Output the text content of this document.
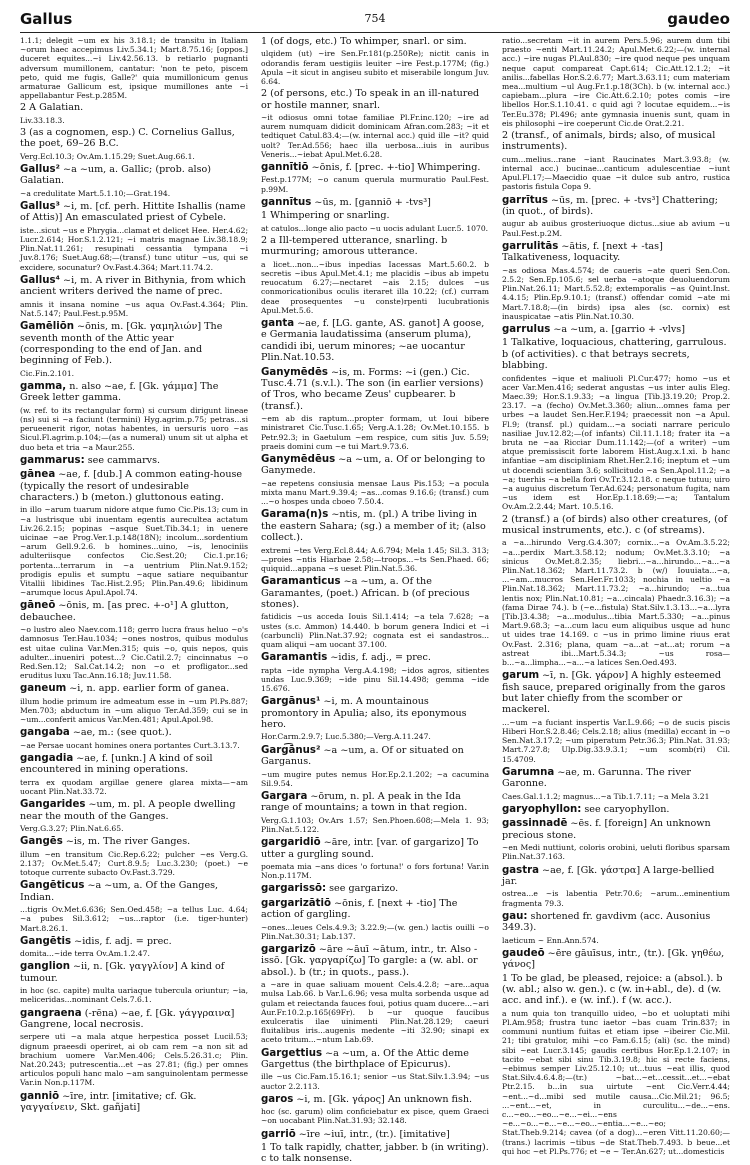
Gallus	754	gaudeo

1.1.1; delegit ~um ex his 3.18.1; de transitu in Italiam ~orum haec accepimus Liv.5.34.1; Mart.8.75.16; [oppos.] duceret equites...~i Liv.42.56.13. b retiarlo pugnanti adversum mumillonem, cantatur: 'non te peto, piscem peto, quid me fugis, Galle?' quia mumillonicum genus armaturae Gallicum est, ipsique mumillones ante ~i appellabantur Fest.p.285M.

2 A Galatian.

Liv.33.18.3.

3 (as a cognomen, esp.) C. Cornelius Gallus, the poet, 69–26 B.C.

Verg.Ecl.10.3; Ov.Am.1.15.29; Suet.Aug.66.1.

Gallus² ~a ~um, a. Gallic; (prob. also) Galatian.

~a credulitate Mart.5.1.10;—Grat.194.

Gallus³ ~i, m. [cf. perh. Hittite Ishallis (name of Attis)] An emasculated priest of Cybele.

iste...sicut ~us e Phrygia...clamat et delicet Hee. Her.4.62; Lucr.2.614; Hor.S.1.2.121; ~i matris magnae Liv.38.18.9; Plin.Nat.11.261; resupinati cessantia tympana ~i Juv.8.176; Suet.Aug.68;—(transf.) tunc utitur ~us, qui se excidere, socunatur? Ov.Fast.4.364; Mart.11.74.2.

Gallus⁴ ~i, m. A river in Bithynia, from which ancient writers derived the name of prec.

amnis it insana nomine ~us aqua Ov.Fast.4.364; Plin. Nat.5.147; Paul.Fest.p.95M.

Gamēliōn ~ōnis, m. [Gk. γαμηλιών] The seventh month of the Attic year (corresponding to the end of Jan. and beginning of Feb.).

Cic.Fin.2.101.

gamma, n. also ~ae, f. [Gk. γάμμα] The Greek letter gamma.

(w. ref. to its rectangular form) si cursum dirigunt lineae (ns) sui si ~a faciunt (termini) Hyg.agrim.p.75; petras...si perueenerit rigor, notas habentes, in uersuris uoro ~as Sicul.Fl.agrim.p.104;—(as a numeral) unum sit ut alpha et duo beta et tria ~a Maur.255.

gammarus: see cammarvs.

gānea ~ae, f. [dub.] A common eating-house (typically the resort of undesirable characters.) b (meton.) gluttonous eating.

in illo ~arum tuarum nidore atque fumo Cic.Pis.13; cum in ~a lustrisque ubi inuentam egentis aurecultea actatum Liv.26.2.15; popinas ~asque Suet.Tib.34.1; in uenere uicinae ~ae Prog.Ver.1.p.148(18N); incolum...sordentium ~arum Gell.9.2.6. b homines...uino, ~is, lenociniis adulteriisque confectos Cic.Sest.20; Cic.1.pr.16; portenta...terrarum in ~a uentrium Plin.Nat.9.152; prodigis epulis et sumptu ~aque satiare nequibantur Vitallii libidines Tac.Hist.2.95; Plin.Pan.49.6; libidinum ~arumque locus Apul.Apol.74.

gāneō ~ōnis, m. [as prec. +-o¹] A glutton, debauchee.

~o lustro aleo Naev.com.118; gerro lucra fraus heluo ~o's damnosus Ter.Hau.1034; ~ones nostros, quibus modulus est uitae culina Var.Men.315; quis ~o, quis nepos, quis adulter...inueniri potest...? Cic.Catil.2.7; cincinnatus ~o Red.Sen.12; Sal.Cat.14.2; non ~o et profligator...sed eruditus luxu Tac.Ann.16.18; Juv.11.58.

ganeum ~i, n. app. earlier form of ganea.

illum hodie primum ire admeatum esse in ~um Pl.Ps.887; Men.703; abductum in ~um aliquo Ter.Ad.359; cui se in ~um...conferit amicus Var.Men.481; Apul.Apol.98.

gangaba ~ae, m.: (see quot.).

~ae Persae uocant homines onera portantes Curt.3.13.7.

gangadia ~ae, f. [unkn.] A kind of soil encountered in mining operations.

terra ex quodam argillae genere glarea mixta—~am uocant Plin.Nat.33.72.

Gangarides ~um, m. pl. A people dwelling near the mouth of the Ganges.

Verg.G.3.27; Plin.Nat.6.65.

Gangēs ~is, m. The river Ganges.

illum ~en transitum Cic.Rep.6.22; pulcher ~es Verg.G. 2.137; Ov.Met.5.47; Curt.8.9.5; Luc.3.230; (poet.) ~e totoque currente subacto Ov.Fast.3.729.

Gangēticus ~a ~um, a. Of the Ganges, Indian.

...tigris Ov.Met.6.636; Sen.Oed.458; ~a tellus Luc. 4.64; ~a pubes Sil.3.612; ~us...raptor (i.e. tiger-hunter) Mart.8.26.1.

Gangētis ~idis, f. adj. = prec.

domita...~ide terra Ov.Am.1.2.47.

ganglion ~ii, n. [Gk. γαγγλίον] A kind of tumour.

in hoc (sc. capite) multa uariaque tubercula oriuntur; ~ia, meliceridas...nominant Cels.7.6.1.

gangraena (-rēna) ~ae, f. [Gk. γάγγραινα] Gangrene, local necrosis.

serpere uti ~a mala atque herpestica posset Lucil.53; dignum praeesdi operiret, ai ob cam rem ~a non sit ad brachium uomere Var.Men.406; Cels.5.26.31.c; Plin. Nat.20.243; putrescentia...et ~as 27.81; (fig.) per omnes articulos populi hanc malo ~am sanguinolentam permesse Var.in Non.p.117M.

ganniō ~īre, intr. [imitative; cf. Gk. γαγγαίνειν, Skt. gañjati]

1 (of dogs, etc.) To whimper, snarl. or sim.

ulqidem (ut) ~ire Sen.Fr.181(p.250Re); nictit canis in odorandis feram uestigiis leuiter ~ire Fest.p.177M; (fig.) Apula ~it sicut in angiseu subito et miserabile longum Juv. 6.64.

2 (of persons, etc.) To speak in an ill-natured or hostile manner, snarl.

~it odiosus omni totae familiae Pl.Fr.inc.120; ~ire ad aurem numquam didicit dominicam Afran.com.283; ~it et tedtiquet Catul.83.4;—(w. internal acc.) quid ille ~it? quid uolt? Ter.Ad.556; haec illa uerbosa...iuis in auribus Veneris...~iebat Apul.Met.6.28.

gannītiō ~ōnis, f. [prec. +-tio] Whimpering.

Fest.p.177M; ~o canum querula murmuratio Paul.Fest. p.99M.

gannītus ~ūs, m. [ganniō + -tvs³]

1 Whimpering or snarling.

at catulos...longe alio pacto ~u uocis adulant Lucr.5. 1070.

2 a Ill-tempered utterance, snarling. b murmuring; amorous utterance.

a licet...non...~ibus inpedias Iacessas Mart.5.60.2. b secretis ~ibus Apul.Met.4.1; me placidis ~ibus ab impetu reuocatum 6.27;—nectaret ~ais 2.15; dulces ~us conmoricationibus oculis iteraret illa 10.22; (cf.) curram deae prosequentes ~u conste)rpenti lucubrationis Apul.Met.5.6.

ganta ~ae, f. [LG. gante, AS. ganot] A goose, e Germania laudatissima (anserum pluma), candidi ibi, uerum minores; ~ae uocantur Plin.Nat.10.53.

Ganymēdēs ~is, m. Forms: ~i (gen.) Cic. Tusc.4.71 (s.v.l.). The son (in earlier versions) of Tros, who became Zeus' cupbearer. b (transf.).

~em ab dis raptum...propter formam, ut Ioui bibere ministraret Cic.Tusc.1.65; Verg.A.1.28; Ov.Met.10.155. b Petr.92.3; in Gaetulum ~em respice, cum sitis Juv. 5.59; praeis domini cum ~e tui Mart.9.73.6.

Ganymēdēus ~a ~um, a. Of or belonging to Ganymede.

~ae repetens consiusia mensae Laus Pis.153; ~a poculа mixta manu Mart.9.39.4; ~as...comas 9.16.6; (transf.) cum ...~o hospes unda cboeo 7.50.4.

Garama(n)s ~ntis, m. (pl.) A tribe living in the eastern Sahara; (sg.) a member of it; (also collect.).

extremi ~tes Verg.Ecl.8.44; A.6.794; Mela 1.45; Sil.3. 313;—proies ~ntis Hiarbae 2.58;—troops...~ts Sen.Phaed. 66; quiquid...appana ~s ueset Plin.Nat.5.36.

Garamanticus ~a ~um, a. Of the Garamantes, (poet.) African. b (of precious stones).

fatidicis ~us acceda Iouis Sil.1.414; ~a tela 7.628; ~a ustes (s.c. Ammon) 14.440. b borum genera Indici et ~i (carbuncli) Plin.Nat.37.92; cognata est ei sandastros... quam aliqui ~am uocant 37.100.

Garamantis ~idis, f. adj., = prec.

rapta ~ide nympha Verg.A.4.198; ~idos agros, sitientes undas Luc.9.369; ~ide pinu Sil.14.498; gemma ~ide 15.676.

Gargānus¹ ~i, m. A mountainous promontory in Apulia; also, its eponymous hero.

Hor.Carm.2.9.7; Luc.5.380;—Verg.A.11.247.

Garg͡ānus² ~a ~um, a. Of or situated on Garganus.

~um mugire putes nemus Hor.Ep.2.1.202; ~a cacumina Sil.9.54.

Gargara ~ōrum, n. pl. A peak in the Ida range of mountains; a town in that region.

Verg.G.1.103; Ov.Ars 1.57; Sen.Phoen.608;—Mela 1. 93; Plin.Nat.5.122.

gargaridiō ~āre, intr. [var. of gargarizo] To utter a gurgling sound.

poemata mia ~ans dices 'o fortuna!' o fors fortuna! Var.in Non.p.117M.

gargarissō: see gargarizo.

gargarizātiō ~ōnis, f. [next + -tio] The action of gargling.

~ones...leues Cels.4.9.3; 3.22.9;—(w. gen.) lactis ouilli ~o Plin.Nat.30.31; Lab.137.

gargarizō ~āre ~āuī ~ātum, intr., tr. Also -issō. [Gk. γαργαρίζω] To gargle: a (w. abl. or absol.). b (tr.; in quots., pass.).

a ~are in quae saliuam mouent Cels.4.2.8; ~are...aqua mulsa Lab.66. b Var.L.6.96; vesa multa sorbenda usque ad gulam et reiectanda fauces foui, potius quam ducere...~ari Aur.Fr.10.2.p.165(69Fr). b ~ur quoque faucibus exulceratis ilae uinimenti Plin.Nat.28.129; caeuri fluitalibus iris...augenis medente ~iti 32.90; sinapi ex aceto tritum...~ntum Lab.69.

Gargettius ~a ~um, a. Of the Attic deme Gargettus (the birthplace of Epicurus).

ille ~us Cic.Fam.15.16.1; senior ~us Stat.Silv.1.3.94; ~us auctor 2.2.113.

garos ~i, m. [Gk. γάρος] An unknown fish.

hoc (sc. garum) olim conficiebatur ex pisce, quem Graeci ~on uocabant Plin.Nat.31.93; 32.148.

garriō ~īre ~iuī, intr., (tr.). [imitative]

1 To talk rapidly, chatter, jabber. b (in writing). c to talk nonsense.

ratio...secretam ~it in aurem Pers.5.96; aurem dum tibi praesto ~enti Mart.11.24.2; Apul.Met.6.22;—(w. internal acc.) ~ire nugas Pl.Aul.830; ~ire quod neque pes unquam neque caput compareat Capt.614; Cic.Att.12.1.2; ~it anilis...fabellas Hor.S.2.6.77; Mart.3.63.11; cum materiam mea...multium ~ul Aug.Fr.1.p.18(3Ch). b (w. internal acc.) capiebam...plura ~ire Cic.Att.6.2.10; potes comis ~ire libellos Hor.S.1.10.41. c quid agi ? locutae equidem...~is Ter.Eu.378; Pl.496; ante gymnasia inuenis sunt, quam in eis philosophi ~ire coeperunt Cic.de Orat.2.21.

2 (transf., of animals, birds; also, of musical instruments).

cum...melius...rane ~iant Raucinates Mart.3.93.8; (w. internal acc.) bucinae...canticum adulescentiae ~iunt Apul.Fl.17;—Maecidio quae ~it dulce sub antro, rustica pastoris fistula Copa 9.

garrītus ~ūs, m. [prec. + -tvs³] Chattering; (in quot., of birds).

augur ab auibus grosteriuoque dictus...siue ab avium ~u Paul.Fest.p.2M.

garrulitās ~ātis, f. [next + -tas] Talkativeness, loquacity.

~as odiosa Mas.4.574; de caueris ~ate queri Sen.Con. 2.5.2; Sen.Ep.105.6; sel uerba ~atoque deuoluendorum Plin.Nat.26.11; Mart.5.52.8; extemporalis ~as Quint.Inst. 4.4.15; Plin.Ep.9.10.1; (transf.) offendar comid ~ate mi Mart.7.18.8;—(in birds) ipsa ales (sc. cornix) est inauspicatae ~atis Plin.Nat.10.30.

garrulus ~a ~um, a. [garrio + -vlvs]

1 Talkative, loquacious, chattering, garrulous. b (of activities). c that betrays secrets, blabbing.

confidentes ~ique et maliuoli Pl.Cur.477; homo ~us et acer Var.Men.416; sederat angustas ~us inter aulis Eleg. Maec.39; Hor.S.1.9.33; ~a lingua [Tib.]3.19.20; Prop.2. 23.17. ~a (fecho) Ov.Met.3.360; aliun...omnes fama per urbes ~a laudet Sen.Her.F.194; praecessit non ~a Apul. Fl.9; (transf. pl.) quidam...~a sociati narrare periculo nasiliae Juv.12.82;—(of infants) Cil.11.1.18; frater ita ~a bruta ne ~aa Ricciar Dum.11.142;—(of a writer) ~um atque premissiscit forte laborem Hist.Aug.x.1.xi. b hanc infantiae ~am discipliniam Rhet.Her.2.16; ineptum et ~um ut docendi scientiam 3.6; sollicitudo ~a Sen.Apol.11.2; ~a ~a; tuerhis ~a bella fori Ov.Tr.3.12.18. c neque tutuu; uiro ~a auguius discretum Ter.Ad.624; personatum fugita, nam ~us idem est Hor.Ep.1.18.69;—~a; Tantalum Ov.Am.2.2.44; Mart. 10.5.16.

2 (transf.) a (of birds) also other creatures, (of musical instruments, etc.). c (of streams).

a ~a...hirundo Verg.G.4.307; cornix...~a Ov.Am.3.5.22; ~a...perdix Mart.3.58.12; nodum; Ov.Met.3.3.10; ~a sinicus Ov.Met.8.2.35; liebri...~a...hirundo...~a...~a Plin.Nat.18.362; Mart.11.73.2. b (w/) Iouuiata...~a, ...~am...mucros Sen.Her.Fr.1033; nochia in ueltio ~a Plin.Nat.18.362; Mart.11.73.2; ~a...hirundo; ~a...tua lentis nox; Plin.Nat.10.81; ~a...cincala) Phaedr.3.16.3); ~a (fama Dirae 74.). b (~e...fistula) Stat.Silv.1.3.13...~a...lyra [Tib.]3.4.38; ~a...modulus...tibia Mart.5.330; ~a...pinus Mart.9.68.3; ~a...cum lacu eum aliquibus usque ad hunc ut uides trae 14.169. c ~us in primo limine riuus erat Ov.Fast. 2.316; plana, quam ~a...at ~at...at; rorum ~a astreat ibi...Mart.5.34.3; ~us rosa—b...~a...limpha...~a...~a latices Sen.Oed.493.

garum ~ī, n. [Gk. γάρον] A highly esteemed fish sauce, prepared originally from the garos but later chiefly from the scomber or mackerel.

...~um ~a fuciant inspertis Var.L.9.66; ~o de sucis piscis Hiberi Hor.S.2.8.46; Cels.2.18; alius (medilla) eccant in ~o Sen.Nat.3.17.2; ~um piperatum Petr.36.3; Plin.Nat. 31.93; Mart.7.27.8; Ulp.Dig.33.9.3.1; ~um scomb(ri) Cil. 15.4709.

Garumna ~ae, m. Garunna. The river Garonne.

Caes.Gal.1.1.2; magnus...~a Tib.1.7.11; ~a Mela 3.21

garyophyllon: see caryophyllon.

gassinnadē ~ēs. f. [foreign] An unknown precious stone.

~en Medi nuttiunt, coloris orobini, ueluti floribus sparsam Plin.Nat.37.163.

gastra ~ae, f. [Gk. γάστρα] A large-bellied jar.

ostrea...e ~is labentia Petr.70.6; ~arum...eminentium fragmenta 79.3.

gau: shortened fr. gavdivm (acc. Ausonius 349.3).

laeticum ~ Enn.Ann.574.

gaudeō ~ēre gāuīsus, intr., (tr.). [Gk. γηθέω, γάνος]

1 To be glad, be pleased, rejoice: a (absol.). b (w. abl.; also w. gen.). c (w. in+abl., de). d (w. acc. and inf.). e (w. inf.). f (w. acc.).

a num quia ton tranquillo uideo, ~bo et uoluptati mihi Pl.Am.958; frustra tunc iaetor ~bas cuam Trin.837; in communi nuntium fuitas et etiam ipse ~ibeirer Cic.Mil. 21; tibi gratulor, mihi ~co Fam.6.15; (ali) (sc. the mind) sibi ~eat Lucr.3.145; gaudis certibus Hor.Ep.1.2.107; in tacito ~ebat sibi sinu Tib.3.19.8; hic si recte faciens, ~ebimus semper Liv.25.12.10; ut...tuus ~eat illis, quod Stat.Silv.4.6.4.8;—(tr.) ~bat...~et...cessit...et...~ebat Ptr.2.15. b...in sua uirtute ~ent Cic.Verr.4.44; ~ent...~d...mibi sed mutile causa...Cic.Mil.21; 96.5; ...~ent...~et, in curculitu...~de...~ens. c...~eo...~eo...~e...~ei...~ens ~e...~o...~e...~e...~eo...~entia...~e...~eo; Stat.Theb.9.214; cavea (of a dog)...~eren Vitt.11.20.60;—(trans.) lacrimis ~tibus ~de Stat.Theb.7.493. b beue...et qui hoc ~et Pl.Ps.776; et ~e ~ Ter.An.627; ut...domesticis
